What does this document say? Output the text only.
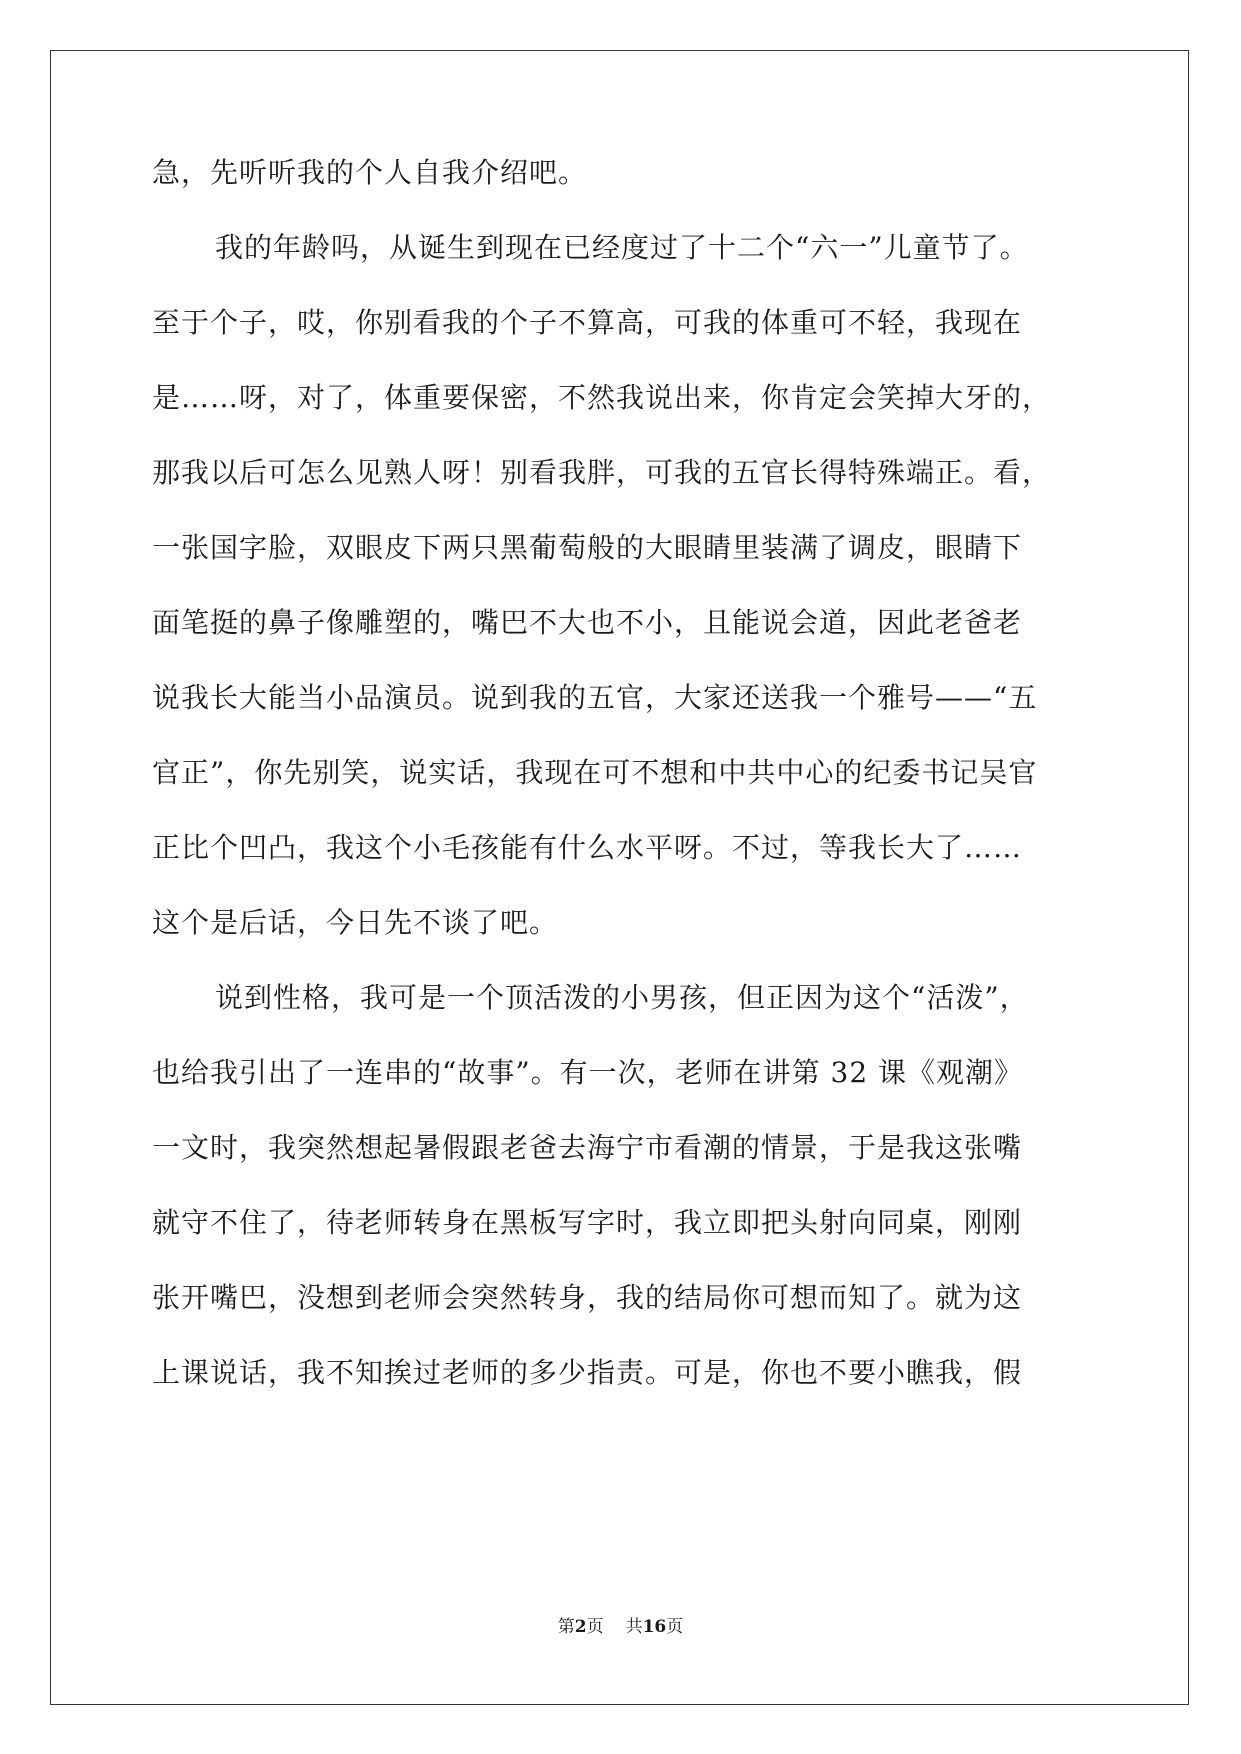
急，先听听我的个人自我介绍吧。

我的年龄吗，从诞生到现在已经度过了十二个“六一”儿童节了。

至于个子，哎，你别看我的个子不算高，可我的体重可不轻，我现在

是……呀，对了，体重要保密，不然我说出来，你肯定会笑掉大牙的，

那我以后可怎么见熟人呀！别看我胖，可我的五官长得特殊端正。看，

一张国字脸，双眼皮下两只黑葡萄般的大眼睛里装满了调皮，眼睛下

面笔挺的鼻子像雕塑的，嘴巴不大也不小，且能说会道，因此老爸老

说我长大能当小品演员。说到我的五官，大家还送我一个雅号——“五

官正”，你先别笑，说实话，我现在可不想和中共中心的纪委书记吴官

正比个凹凸，我这个小毛孩能有什么水平呀。不过，等我长大了……

这个是后话，今日先不谈了吧。

说到性格，我可是一个顶活泼的小男孩，但正因为这个“活泼”，

也给我引出了一连串的“故事”。有一次，老师在讲第 32 课《观潮》

一文时，我突然想起暑假跟老爸去海宁市看潮的情景，于是我这张嘴

就守不住了，待老师转身在黑板写字时，我立即把头射向同桌，刚刚

张开嘴巴，没想到老师会突然转身，我的结局你可想而知了。就为这

上课说话，我不知挨过老师的多少指责。可是，你也不要小瞧我，假

第2页 共16页
